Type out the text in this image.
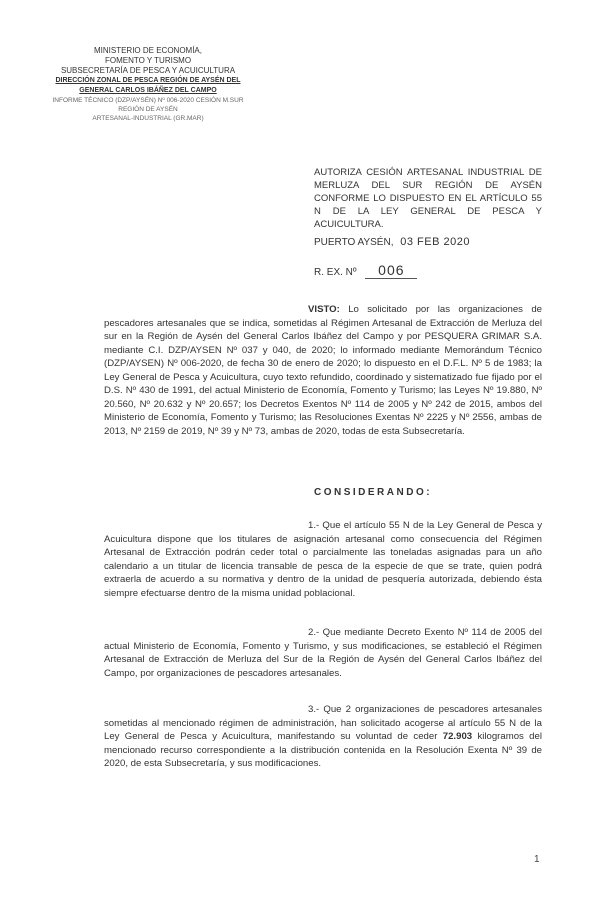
MINISTERIO DE ECONOMÍA,
FOMENTO Y TURISMO
SUBSECRETARÍA DE PESCA Y ACUICULTURA
DIRECCIÓN ZONAL DE PESCA REGIÓN DE AYSÉN DEL
GENERAL CARLOS IBÁÑEZ DEL CAMPO
INFORME TÉCNICO (DZP/AYSÉN) Nº 006-2020 CESIÓN M.SUR
REGIÓN DE AYSÉN
ARTESANAL-INDUSTRIAL (GR.MAR)
AUTORIZA CESIÓN ARTESANAL INDUSTRIAL DE MERLUZA DEL SUR REGIÓN DE AYSÉN CONFORME LO DISPUESTO EN EL ARTÍCULO 55 N DE LA LEY GENERAL DE PESCA Y ACUICULTURA.
PUERTO AYSÉN, 03 FEB 2020
R. EX. Nº 006
VISTO: Lo solicitado por las organizaciones de pescadores artesanales que se indica, sometidas al Régimen Artesanal de Extracción de Merluza del sur en la Región de Aysén del General Carlos Ibáñez del Campo y por PESQUERA GRIMAR S.A. mediante C.I. DZP/AYSEN Nº 037 y 040, de 2020; lo informado mediante Memorándum Técnico (DZP/AYSEN) Nº 006-2020, de fecha 30 de enero de 2020; lo dispuesto en el D.F.L. Nº 5 de 1983; la Ley General de Pesca y Acuicultura, cuyo texto refundido, coordinado y sistematizado fue fijado por el D.S. Nº 430 de 1991, del actual Ministerio de Economía, Fomento y Turismo; las Leyes Nº 19.880, Nº 20.560, Nº 20.632 y Nº 20.657; los Decretos Exentos Nº 114 de 2005 y Nº 242 de 2015, ambos del Ministerio de Economía, Fomento y Turismo; las Resoluciones Exentas Nº 2225 y Nº 2556, ambas de 2013, Nº 2159 de 2019, Nº 39 y Nº 73, ambas de 2020, todas de esta Subsecretaría.
CONSIDERANDO:
1.- Que el artículo 55 N de la Ley General de Pesca y Acuicultura dispone que los titulares de asignación artesanal como consecuencia del Régimen Artesanal de Extracción podrán ceder total o parcialmente las toneladas asignadas para un año calendario a un titular de licencia transable de pesca de la especie de que se trate, quien podrá extraerla de acuerdo a su normativa y dentro de la unidad de pesquería autorizada, debiendo ésta siempre efectuarse dentro de la misma unidad poblacional.
2.- Que mediante Decreto Exento Nº 114 de 2005 del actual Ministerio de Economía, Fomento y Turismo, y sus modificaciones, se estableció el Régimen Artesanal de Extracción de Merluza del Sur de la Región de Aysén del General Carlos Ibáñez del Campo, por organizaciones de pescadores artesanales.
3.- Que 2 organizaciones de pescadores artesanales sometidas al mencionado régimen de administración, han solicitado acogerse al artículo 55 N de la Ley General de Pesca y Acuicultura, manifestando su voluntad de ceder 72.903 kilogramos del mencionado recurso correspondiente a la distribución contenida en la Resolución Exenta Nº 39 de 2020, de esta Subsecretaría, y sus modificaciones.
1
